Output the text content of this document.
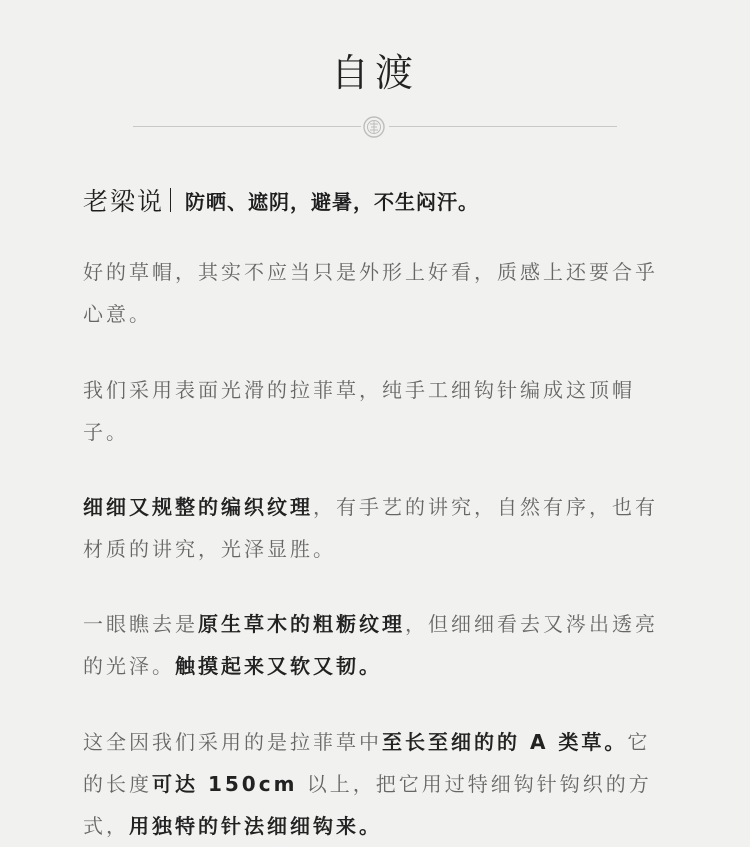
自渡
老梁说 防晒、遮阴，避暑，不生闷汗。
好的草帽，其实不应当只是外形上好看，质感上还要合乎心意。
我们采用表面光滑的拉菲草，纯手工细钩针编成这顶帽子。
细细又规整的编织纹理，有手艺的讲究，自然有序，也有材质的讲究，光泽显胜。
一眼瞧去是原生草木的粗粝纹理，但细细看去又涔出透亮的光泽。触摸起来又软又韧。
这全因我们采用的是拉菲草中至长至细的的 A 类草。它的长度可达 150cm 以上，把它用过特细钩针钩织的方式，用独特的针法细细钩来。
